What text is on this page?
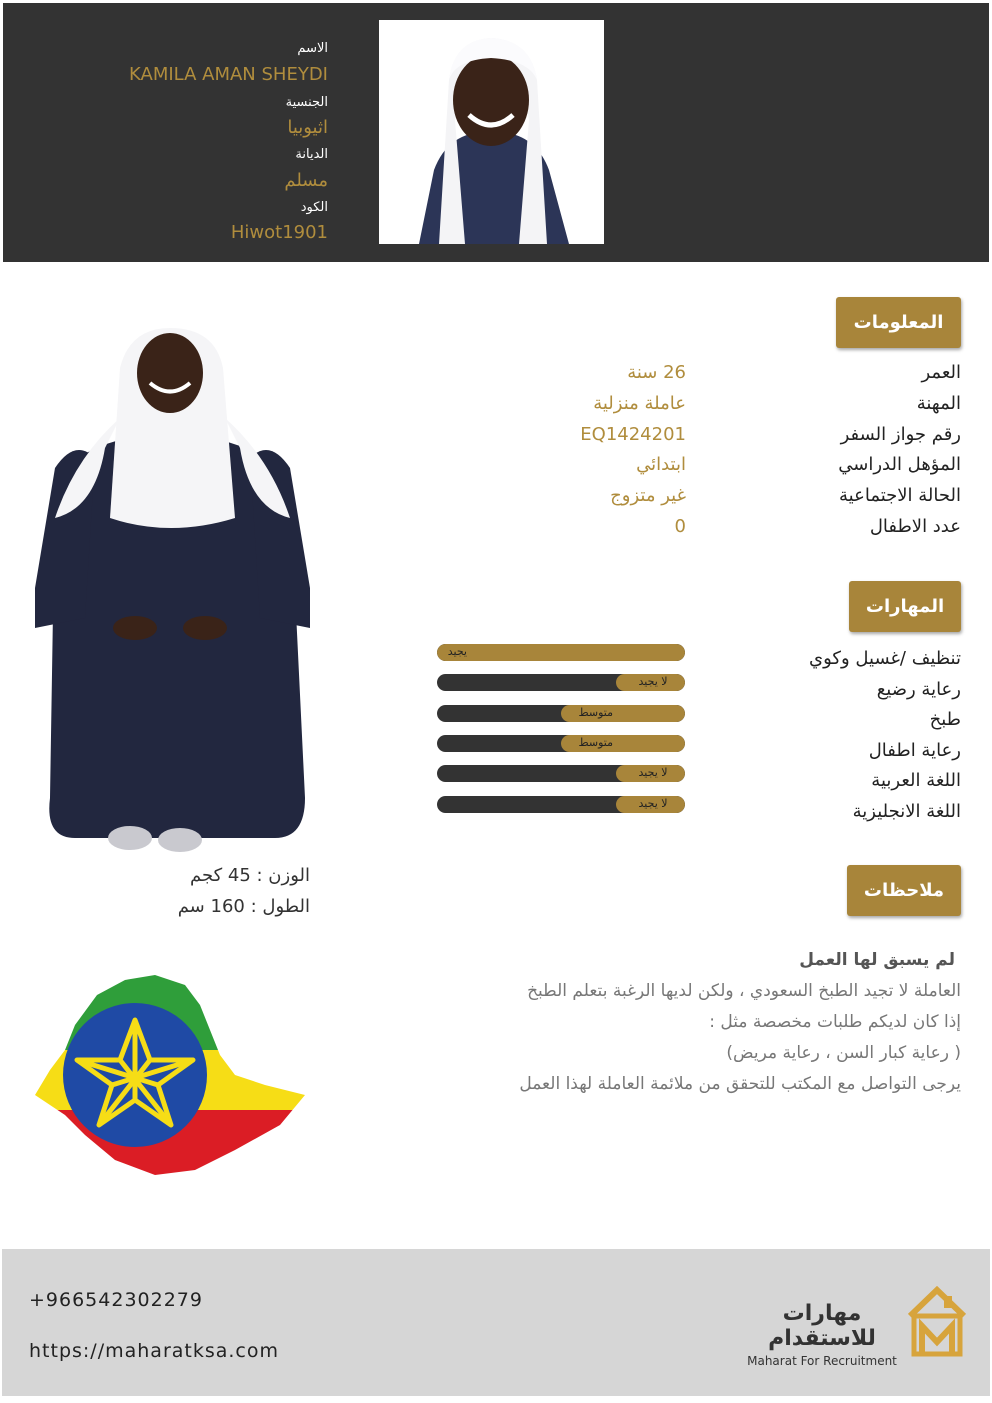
الاسم
KAMILA AMAN SHEYDI
الجنسية
اثيوبيا
الديانة
مسلم
الكود
Hiwot1901
الوزن : 45 كجم
الطول : 160 سم
المعلومات
العمر
26 سنة
المهنة
عاملة منزلية
رقم جواز السفر
EQ1424201
المؤهل الدراسي
ابتدائي
الحالة الاجتماعية
غير متزوج
عدد الاطفال
0
المهارات
تنظيف /غسيل وكوي
يجيد
رعاية رضيع
لا يجيد
طبخ
متوسط
رعاية اطفال
متوسط
اللغة العربية
لا يجيد
اللغة الانجليزية
لا يجيد
ملاحظات
لم يسبق لها العمل
العاملة لا تجيد الطبخ السعودي ، ولكن لديها الرغبة بتعلم الطبخ
إذا كان لديكم طلبات مخصصة مثل :
( رعاية كبار السن ، رعاية مريض)
يرجى التواصل مع المكتب للتحقق من ملائمة العاملة لهذا العمل
+966542302279
https://maharatksa.com
مهارات للاستقدام
Maharat For Recruitment
